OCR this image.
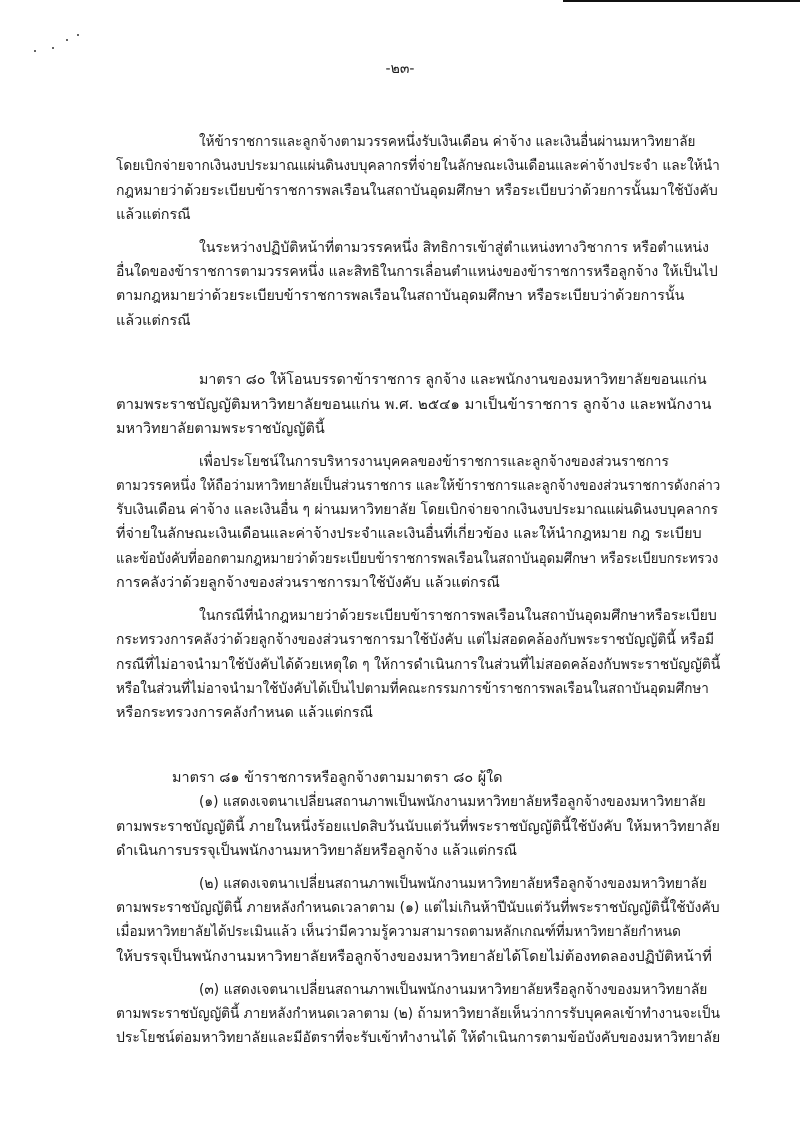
-๒๓-
ให้ข้าราชการและลูกจ้างตามวรรคหนึ่งรับเงินเดือน ค่าจ้าง และเงินอื่นผ่านมหาวิทยาลัย
โดยเบิกจ่ายจากเงินงบประมาณแผ่นดินงบบุคลากรที่จ่ายในลักษณะเงินเดือนและค่าจ้างประจำ และให้นำ
กฎหมายว่าด้วยระเบียบข้าราชการพลเรือนในสถาบันอุดมศึกษา หรือระเบียบว่าด้วยการนั้นมาใช้บังคับ
แล้วแต่กรณี
ในระหว่างปฏิบัติหน้าที่ตามวรรคหนึ่ง สิทธิการเข้าสู่ตำแหน่งทางวิชาการ หรือตำแหน่ง
อื่นใดของข้าราชการตามวรรคหนึ่ง และสิทธิในการเลื่อนตำแหน่งของข้าราชการหรือลูกจ้าง ให้เป็นไป
ตามกฎหมายว่าด้วยระเบียบข้าราชการพลเรือนในสถาบันอุดมศึกษา หรือระเบียบว่าด้วยการนั้น
แล้วแต่กรณี
มาตรา ๘๐ ให้โอนบรรดาข้าราชการ ลูกจ้าง และพนักงานของมหาวิทยาลัยขอนแก่น
ตามพระราชบัญญัติมหาวิทยาลัยขอนแก่น พ.ศ. ๒๕๔๑ มาเป็นข้าราชการ ลูกจ้าง และพนักงาน
มหาวิทยาลัยตามพระราชบัญญัตินี้
เพื่อประโยชน์ในการบริหารงานบุคคลของข้าราชการและลูกจ้างของส่วนราชการ
ตามวรรคหนึ่ง ให้ถือว่ามหาวิทยาลัยเป็นส่วนราชการ และให้ข้าราชการและลูกจ้างของส่วนราชการดังกล่าว
รับเงินเดือน ค่าจ้าง และเงินอื่น ๆ ผ่านมหาวิทยาลัย โดยเบิกจ่ายจากเงินงบประมาณแผ่นดินงบบุคลากร
ที่จ่ายในลักษณะเงินเดือนและค่าจ้างประจำและเงินอื่นที่เกี่ยวข้อง และให้นำกฎหมาย กฎ ระเบียบ
และข้อบังคับที่ออกตามกฎหมายว่าด้วยระเบียบข้าราชการพลเรือนในสถาบันอุดมศึกษา หรือระเบียบกระทรวง
การคลังว่าด้วยลูกจ้างของส่วนราชการมาใช้บังคับ แล้วแต่กรณี
ในกรณีที่นำกฎหมายว่าด้วยระเบียบข้าราชการพลเรือนในสถาบันอุดมศึกษาหรือระเบียบ
กระทรวงการคลังว่าด้วยลูกจ้างของส่วนราชการมาใช้บังคับ แต่ไม่สอดคล้องกับพระราชบัญญัตินี้ หรือมี
กรณีที่ไม่อาจนำมาใช้บังคับได้ด้วยเหตุใด ๆ ให้การดำเนินการในส่วนที่ไม่สอดคล้องกับพระราชบัญญัตินี้
หรือในส่วนที่ไม่อาจนำมาใช้บังคับได้เป็นไปตามที่คณะกรรมการข้าราชการพลเรือนในสถาบันอุดมศึกษา
หรือกระทรวงการคลังกำหนด แล้วแต่กรณี
มาตรา ๘๑ ข้าราชการหรือลูกจ้างตามมาตรา ๘๐ ผู้ใด
(๑) แสดงเจตนาเปลี่ยนสถานภาพเป็นพนักงานมหาวิทยาลัยหรือลูกจ้างของมหาวิทยาลัย
ตามพระราชบัญญัตินี้ ภายในหนึ่งร้อยแปดสิบวันนับแต่วันที่พระราชบัญญัตินี้ใช้บังคับ ให้มหาวิทยาลัย
ดำเนินการบรรจุเป็นพนักงานมหาวิทยาลัยหรือลูกจ้าง แล้วแต่กรณี
(๒) แสดงเจตนาเปลี่ยนสถานภาพเป็นพนักงานมหาวิทยาลัยหรือลูกจ้างของมหาวิทยาลัย
ตามพระราชบัญญัตินี้ ภายหลังกำหนดเวลาตาม (๑) แต่ไม่เกินห้าปีนับแต่วันที่พระราชบัญญัตินี้ใช้บังคับ
เมื่อมหาวิทยาลัยได้ประเมินแล้ว เห็นว่ามีความรู้ความสามารถตามหลักเกณฑ์ที่มหาวิทยาลัยกำหนด
ให้บรรจุเป็นพนักงานมหาวิทยาลัยหรือลูกจ้างของมหาวิทยาลัยได้โดยไม่ต้องทดลองปฏิบัติหน้าที่
(๓) แสดงเจตนาเปลี่ยนสถานภาพเป็นพนักงานมหาวิทยาลัยหรือลูกจ้างของมหาวิทยาลัย
ตามพระราชบัญญัตินี้ ภายหลังกำหนดเวลาตาม (๒) ถ้ามหาวิทยาลัยเห็นว่าการรับบุคคลเข้าทำงานจะเป็น
ประโยชน์ต่อมหาวิทยาลัยและมีอัตราที่จะรับเข้าทำงานได้ ให้ดำเนินการตามข้อบังคับของมหาวิทยาลัย
